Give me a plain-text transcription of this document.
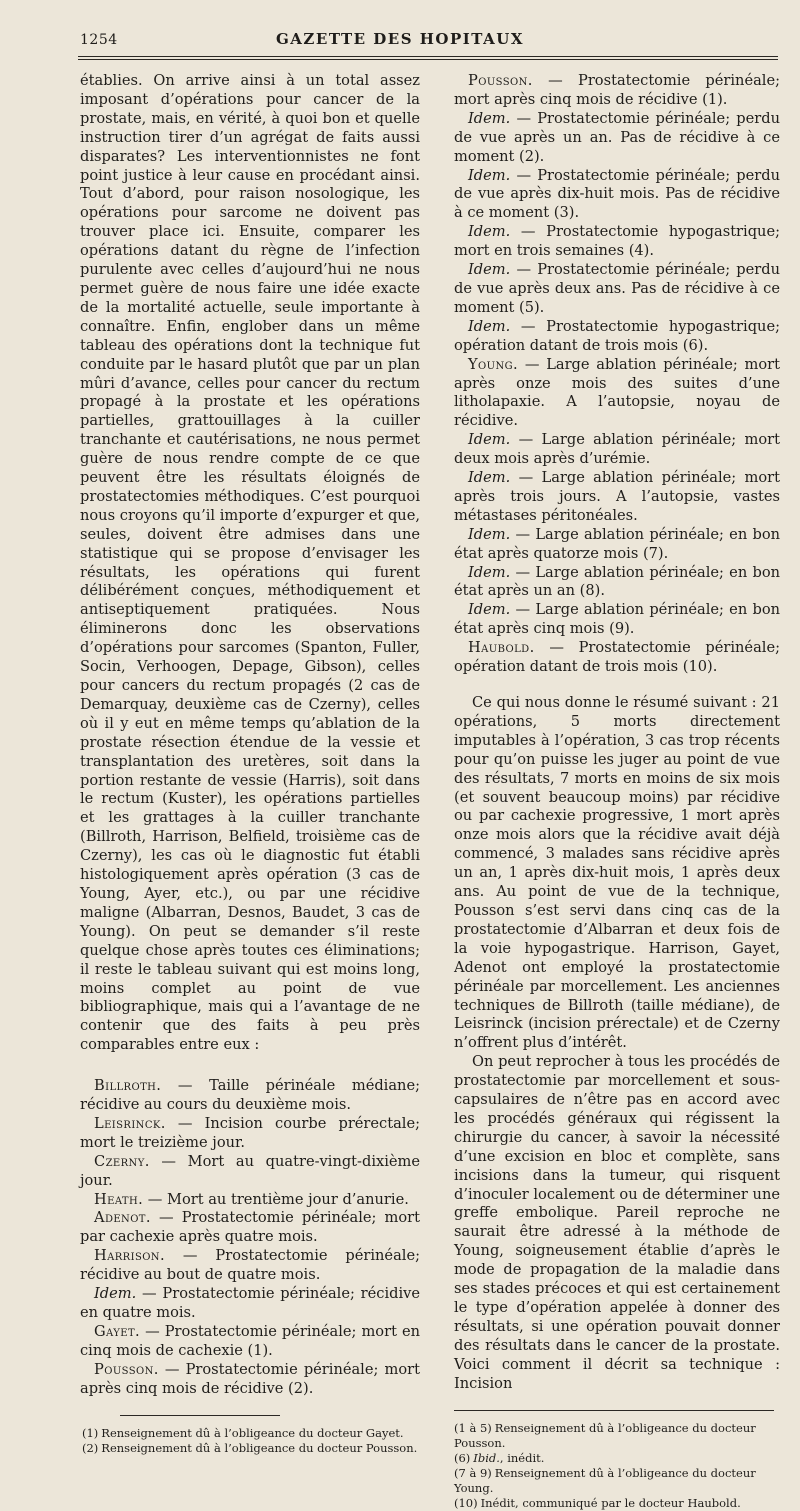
1254	GAZETTE DES HOPITAUX

établies. On arrive ainsi à un total assez imposant d’opérations pour cancer de la prostate, mais, en vérité, à quoi bon et quelle instruction tirer d’un agrégat de faits aussi disparates? Les interventionnistes ne font point justice à leur cause en procédant ainsi. Tout d’abord, pour raison nosologique, les opérations pour sarcome ne doivent pas trouver place ici. Ensuite, comparer les opérations datant du règne de l’infection purulente avec celles d’aujourd’hui ne nous permet guère de nous faire une idée exacte de la mortalité actuelle, seule importante à connaître. Enfin, englober dans un même tableau des opérations dont la technique fut conduite par le hasard plutôt que par un plan mûri d’avance, celles pour cancer du rectum propagé à la prostate et les opérations partielles, grattouillages à la cuiller tranchante et cautérisations, ne nous permet guère de nous rendre compte de ce que peuvent être les résultats éloignés de prostatectomies méthodiques. C’est pourquoi nous croyons qu’il importe d’expurger et que, seules, doivent être admises dans une statistique qui se propose d’envisager les résultats, les opérations qui furent délibérément conçues, méthodiquement et antiseptiquement pratiquées. Nous éliminerons donc les observations d’opérations pour sarcomes (Spanton, Fuller, Socin, Verhoogen, Depage, Gibson), celles pour cancers du rectum propagés (2 cas de Demarquay, deuxième cas de Czerny), celles où il y eut en même temps qu’ablation de la prostate résection étendue de la vessie et transplantation des uretères, soit dans la portion restante de vessie (Harris), soit dans le rectum (Kuster), les opérations partielles et les grattages à la cuiller tranchante (Billroth, Harrison, Belfield, troisième cas de Czerny), les cas où le diagnostic fut établi histologiquement après opération (3 cas de Young, Ayer, etc.), ou par une récidive maligne (Albarran, Desnos, Baudet, 3 cas de Young). On peut se demander s’il reste quelque chose après toutes ces éliminations; il reste le tableau suivant qui est moins long, moins complet au point de vue bibliographique, mais qui a l’avantage de ne contenir que des faits à peu près comparables entre eux :

Billroth. — Taille périnéale médiane; récidive au cours du deuxième mois.

Leisrinck. — Incision courbe prérectale; mort le treizième jour.

Czerny. — Mort au quatre-vingt-dixième jour.

Heath. — Mort au trentième jour d’anurie.

Adenot. — Prostatectomie périnéale; mort par cachexie après quatre mois.

Harrison. — Prostatectomie périnéale; récidive au bout de quatre mois.

Idem. — Prostatectomie périnéale; récidive en quatre mois.

Gayet. — Prostatectomie périnéale; mort en cinq mois de cachexie (1).

Pousson. — Prostatectomie périnéale; mort après cinq mois de récidive (2).

(1) Renseignement dû à l’obligeance du docteur Gayet.
(2) Renseignement dû à l’obligeance du docteur Pousson.

Pousson. — Prostatectomie périnéale; mort après cinq mois de récidive (1).

Idem. — Prostatectomie périnéale; perdu de vue après un an. Pas de récidive à ce moment (2).

Idem. — Prostatectomie périnéale; perdu de vue après dix-huit mois. Pas de récidive à ce moment (3).

Idem. — Prostatectomie hypogastrique; mort en trois semaines (4).

Idem. — Prostatectomie périnéale; perdu de vue après deux ans. Pas de récidive à ce moment (5).

Idem. — Prostatectomie hypogastrique; opération datant de trois mois (6).

Young. — Large ablation périnéale; mort après onze mois des suites d’une litholapaxie. A l’autopsie, noyau de récidive.

Idem. — Large ablation périnéale; mort deux mois après d’urémie.

Idem. — Large ablation périnéale; mort après trois jours. A l’autopsie, vastes métastases péritonéales.

Idem. — Large ablation périnéale; en bon état après quatorze mois (7).

Idem. — Large ablation périnéale; en bon état après un an (8).

Idem. — Large ablation périnéale; en bon état après cinq mois (9).

Haubold. — Prostatectomie périnéale; opération datant de trois mois (10).

Ce qui nous donne le résumé suivant : 21 opérations, 5 morts directement imputables à l’opération, 3 cas trop récents pour qu’on puisse les juger au point de vue des résultats, 7 morts en moins de six mois (et souvent beaucoup moins) par récidive ou par cachexie progressive, 1 mort après onze mois alors que la récidive avait déjà commencé, 3 malades sans récidive après un an, 1 après dix-huit mois, 1 après deux ans. Au point de vue de la technique, Pousson s’est servi dans cinq cas de la prostatectomie d’Albarran et deux fois de la voie hypogastrique. Harrison, Gayet, Adenot ont employé la prostatectomie périnéale par morcellement. Les anciennes techniques de Billroth (taille médiane), de Leisrinck (incision prérectale) et de Czerny n’offrent plus d’intérêt.

On peut reprocher à tous les procédés de prostatectomie par morcellement et sous-capsulaires de n’être pas en accord avec les procédés généraux qui régissent la chirurgie du cancer, à savoir la nécessité d’une excision en bloc et complète, sans incisions dans la tumeur, qui risquent d’inoculer localement ou de déterminer une greffe embolique. Pareil reproche ne saurait être adressé à la méthode de Young, soigneusement établie d’après le mode de propagation de la maladie dans ses stades précoces et qui est certainement le type d’opération appelée à donner des résultats, si une opération pouvait donner des résultats dans le cancer de la prostate. Voici comment il décrit sa technique : Incision

(1 à 5) Renseignement dû à l’obligeance du docteur Pousson.
(6) Ibid., inédit.
(7 à 9) Renseignement dû à l’obligeance du docteur Young.
(10) Inédit, communiqué par le docteur Haubold.
